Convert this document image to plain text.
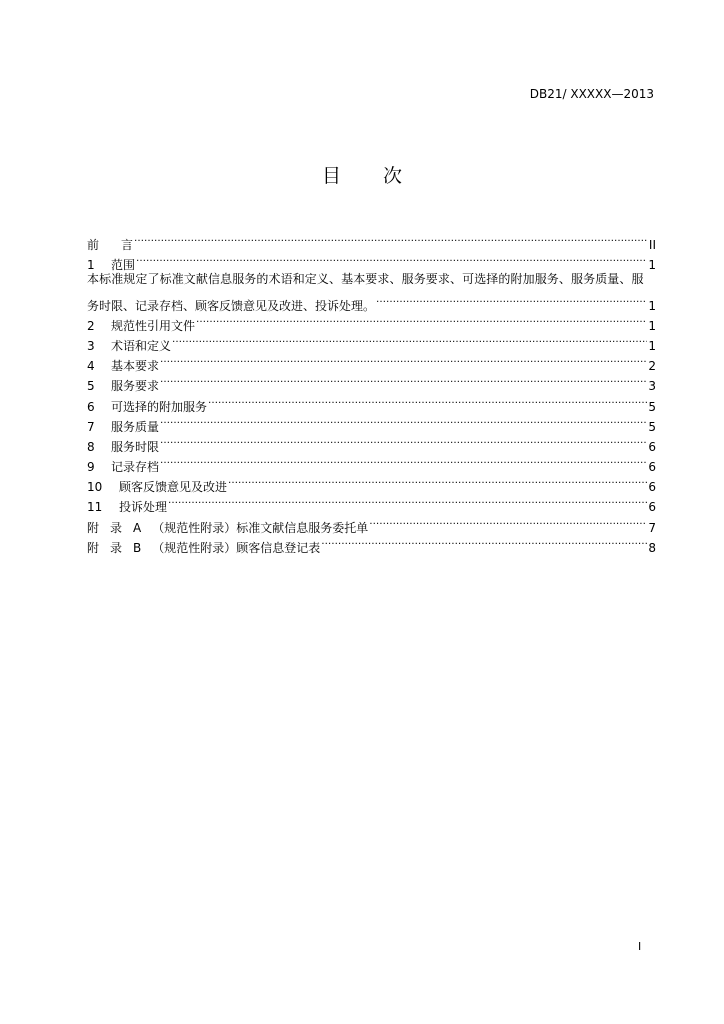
DB21/ XXXXX—2013
目 次
前 言 ……………………………………………………………………………………………………………………………………………………………………………………………………	II
1	范围 ……………………………………………………………………………………………………………………………………………………………………………………………………	1
本标准规定了标准文献信息服务的术语和定义、基本要求、服务要求、可选择的附加服务、服务质量、服
务时限、记录存档、顾客反馈意见及改进、投诉处理。 ……………………………………………………………………………………………………………………………………………………………………………………………………	1
2	规范性引用文件 ……………………………………………………………………………………………………………………………………………………………………………………………………	1
3	术语和定义 ……………………………………………………………………………………………………………………………………………………………………………………………………	1
4	基本要求 ……………………………………………………………………………………………………………………………………………………………………………………………………	2
5	服务要求 ……………………………………………………………………………………………………………………………………………………………………………………………………	3
6	可选择的附加服务 ……………………………………………………………………………………………………………………………………………………………………………………………………	5
7	服务质量 ……………………………………………………………………………………………………………………………………………………………………………………………………	5
8	服务时限 ……………………………………………………………………………………………………………………………………………………………………………………………………	6
9	记录存档 ……………………………………………………………………………………………………………………………………………………………………………………………………	6
10	顾客反馈意见及改进 ……………………………………………………………………………………………………………………………………………………………………………………………………	6
11	投诉处理 ……………………………………………………………………………………………………………………………………………………………………………………………………	6
附 录 A （规范性附录）标准文献信息服务委托单 ……………………………………………………………………………………………………………………………………………………………………………………………………	7
附 录 B （规范性附录）顾客信息登记表 ……………………………………………………………………………………………………………………………………………………………………………………………………	8
I
